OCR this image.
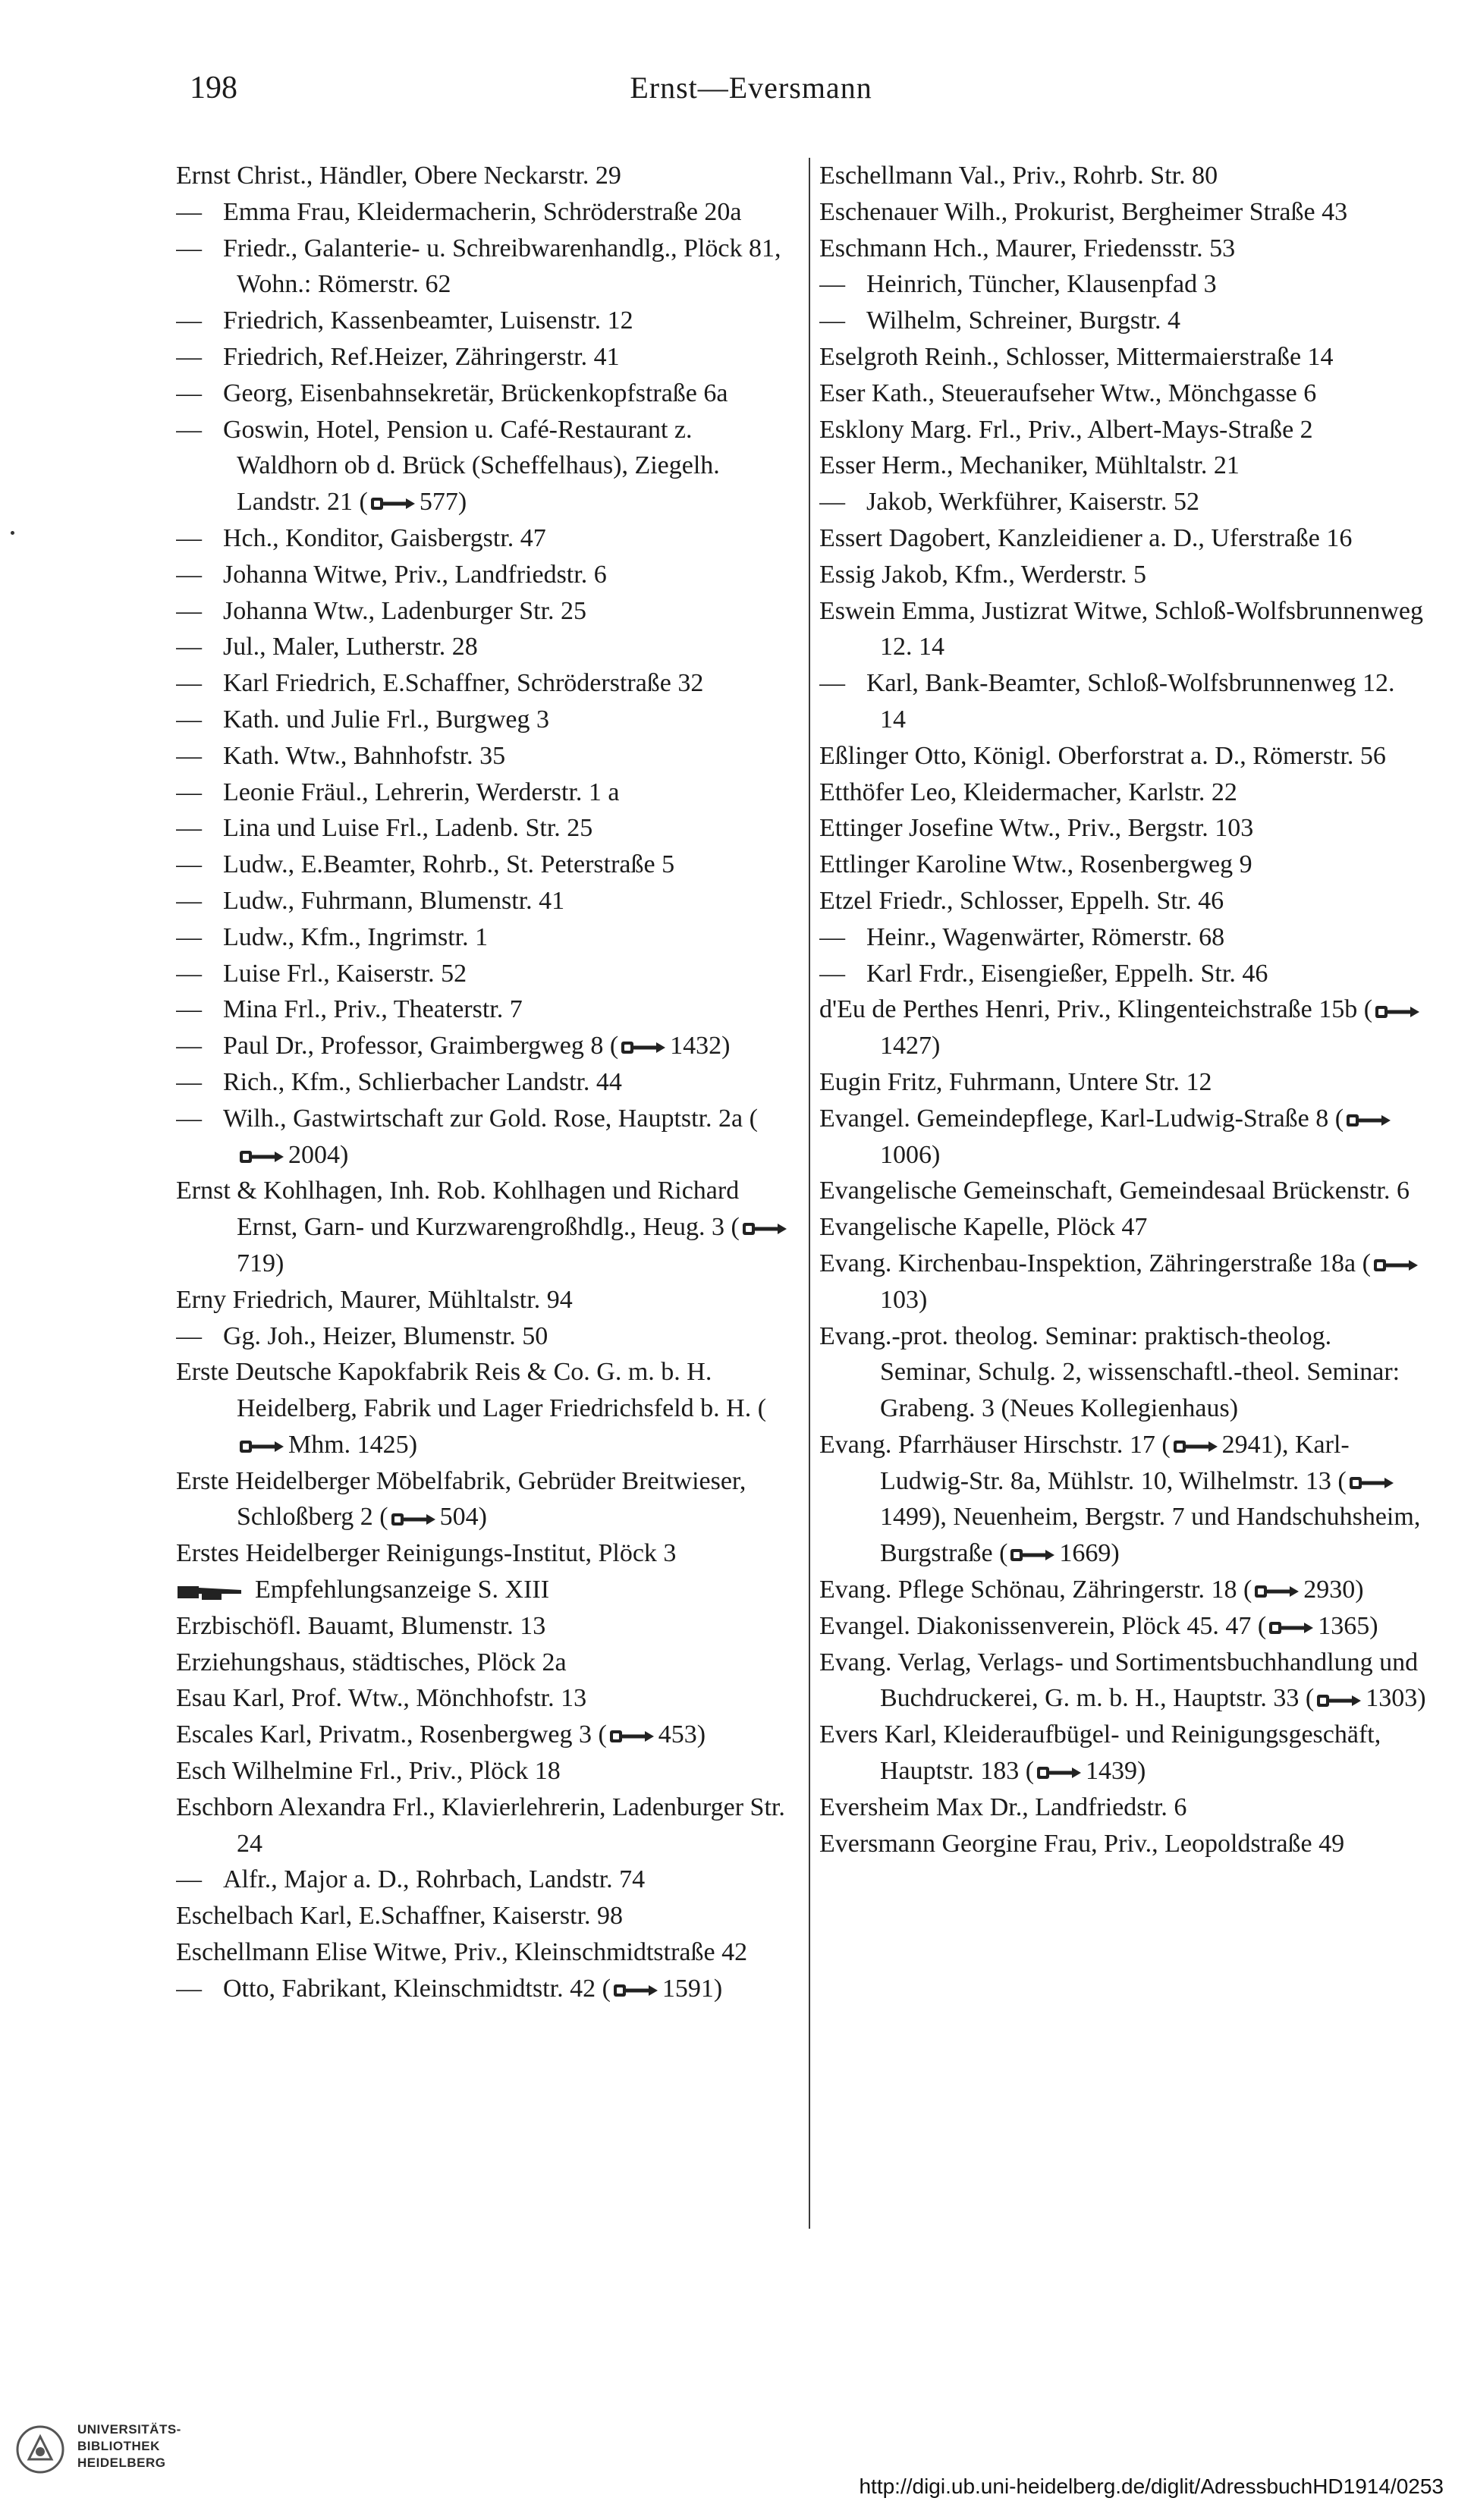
198	Ernst—Eversmann

Ernst Christ., Händler, Obere Neckarstr. 29

— Emma Frau, Kleidermacherin, Schröderstraße 20a

— Friedr., Galanterie- u. Schreibwarenhandlg., Plöck 81, Wohn.: Römerstr. 62

— Friedrich, Kassenbeamter, Luisenstr. 12

— Friedrich, Ref.Heizer, Zähringerstr. 41

— Georg, Eisenbahnsekretär, Brückenkopfstraße 6a

— Goswin, Hotel, Pension u. Café-Restaurant z. Waldhorn ob d. Brück (Scheffelhaus), Ziegelh. Landstr. 21 ( 577)

— Hch., Konditor, Gaisbergstr. 47

— Johanna Witwe, Priv., Landfriedstr. 6

— Johanna Wtw., Ladenburger Str. 25

— Jul., Maler, Lutherstr. 28

— Karl Friedrich, E.Schaffner, Schröderstraße 32

— Kath. und Julie Frl., Burgweg 3

— Kath. Wtw., Bahnhofstr. 35

— Leonie Fräul., Lehrerin, Werderstr. 1 a

— Lina und Luise Frl., Ladenb. Str. 25

— Ludw., E.Beamter, Rohrb., St. Peterstraße 5

— Ludw., Fuhrmann, Blumenstr. 41

— Ludw., Kfm., Ingrimstr. 1

— Luise Frl., Kaiserstr. 52

— Mina Frl., Priv., Theaterstr. 7

— Paul Dr., Professor, Graimbergweg 8 ( 1432)

— Rich., Kfm., Schlierbacher Landstr. 44

— Wilh., Gastwirtschaft zur Gold. Rose, Hauptstr. 2a (2004)

Ernst & Kohlhagen, Inh. Rob. Kohlhagen und Richard Ernst, Garn- und Kurzwarengroßhdlg., Heug. 3 (719)

Erny Friedrich, Maurer, Mühltalstr. 94

— Gg. Joh., Heizer, Blumenstr. 50

Erste Deutsche Kapokfabrik Reis & Co. G. m. b. H. Heidelberg, Fabrik und Lager Friedrichsfeld b. H. (Mhm. 1425)

Erste Heidelberger Möbelfabrik, Gebrüder Breitwieser, Schloßberg 2 ( 504)

Erstes Heidelberger Reinigungs-Institut, Plöck 3

Empfehlungsanzeige S. XIII

Erzbischöfl. Bauamt, Blumenstr. 13

Erziehungshaus, städtisches, Plöck 2a

Esau Karl, Prof. Wtw., Mönchhofstr. 13

Escales Karl, Privatm., Rosenbergweg 3 ( 453)

Esch Wilhelmine Frl., Priv., Plöck 18

Eschborn Alexandra Frl., Klavierlehrerin, Ladenburger Str. 24

— Alfr., Major a. D., Rohrbach, Landstr. 74

Eschelbach Karl, E.Schaffner, Kaiserstr. 98

Eschellmann Elise Witwe, Priv., Kleinschmidtstraße 42

— Otto, Fabrikant, Kleinschmidtstr. 42 ( 1591)

Eschellmann Val., Priv., Rohrb. Str. 80

Eschenauer Wilh., Prokurist, Bergheimer Straße 43

Eschmann Hch., Maurer, Friedensstr. 53

— Heinrich, Tüncher, Klausenpfad 3

— Wilhelm, Schreiner, Burgstr. 4

Eselgroth Reinh., Schlosser, Mittermaierstraße 14

Eser Kath., Steueraufseher Wtw., Mönchgasse 6

Esklony Marg. Frl., Priv., Albert-Mays-Straße 2

Esser Herm., Mechaniker, Mühltalstr. 21

— Jakob, Werkführer, Kaiserstr. 52

Essert Dagobert, Kanzleidiener a. D., Uferstraße 16

Essig Jakob, Kfm., Werderstr. 5

Eswein Emma, Justizrat Witwe, Schloß-Wolfsbrunnenweg 12. 14

— Karl, Bank-Beamter, Schloß-Wolfsbrunnenweg 12. 14

Eßlinger Otto, Königl. Oberforstrat a. D., Römerstr. 56

Etthöfer Leo, Kleidermacher, Karlstr. 22

Ettinger Josefine Wtw., Priv., Bergstr. 103

Ettlinger Karoline Wtw., Rosenbergweg 9

Etzel Friedr., Schlosser, Eppelh. Str. 46

— Heinr., Wagenwärter, Römerstr. 68

— Karl Frdr., Eisengießer, Eppelh. Str. 46

d'Eu de Perthes Henri, Priv., Klingenteichstraße 15b (1427)

Eugin Fritz, Fuhrmann, Untere Str. 12

Evangel. Gemeindepflege, Karl-Ludwig-Straße 8 (1006)

Evangelische Gemeinschaft, Gemeindesaal Brückenstr. 6

Evangelische Kapelle, Plöck 47

Evang. Kirchenbau-Inspektion, Zähringerstraße 18a (103)

Evang.-prot. theolog. Seminar: praktisch-theolog. Seminar, Schulg. 2, wissenschaftl.-theol. Seminar: Grabeng. 3 (Neues Kollegienhaus)

Evang. Pfarrhäuser Hirschstr. 17 ( 2941), Karl-Ludwig-Str. 8a, Mühlstr. 10, Wilhelmstr. 13 (1499), Neuenheim, Bergstr. 7 und Handschuhsheim, Burgstraße ( 1669)

Evang. Pflege Schönau, Zähringerstr. 18 ( 2930)

Evangel. Diakonissenverein, Plöck 45. 47 ( 1365)

Evang. Verlag, Verlags- und Sortimentsbuchhandlung und Buchdruckerei, G. m. b. H., Hauptstr. 33 ( 1303)

Evers Karl, Kleideraufbügel- und Reinigungsgeschäft, Hauptstr. 183 ( 1439)

Eversheim Max Dr., Landfriedstr. 6

Eversmann Georgine Frau, Priv., Leopoldstraße 49

UNIVERSITÄTS-
BIBLIOTHEK
HEIDELBERG
http://digi.ub.uni-heidelberg.de/diglit/AdressbuchHD1914/0253
